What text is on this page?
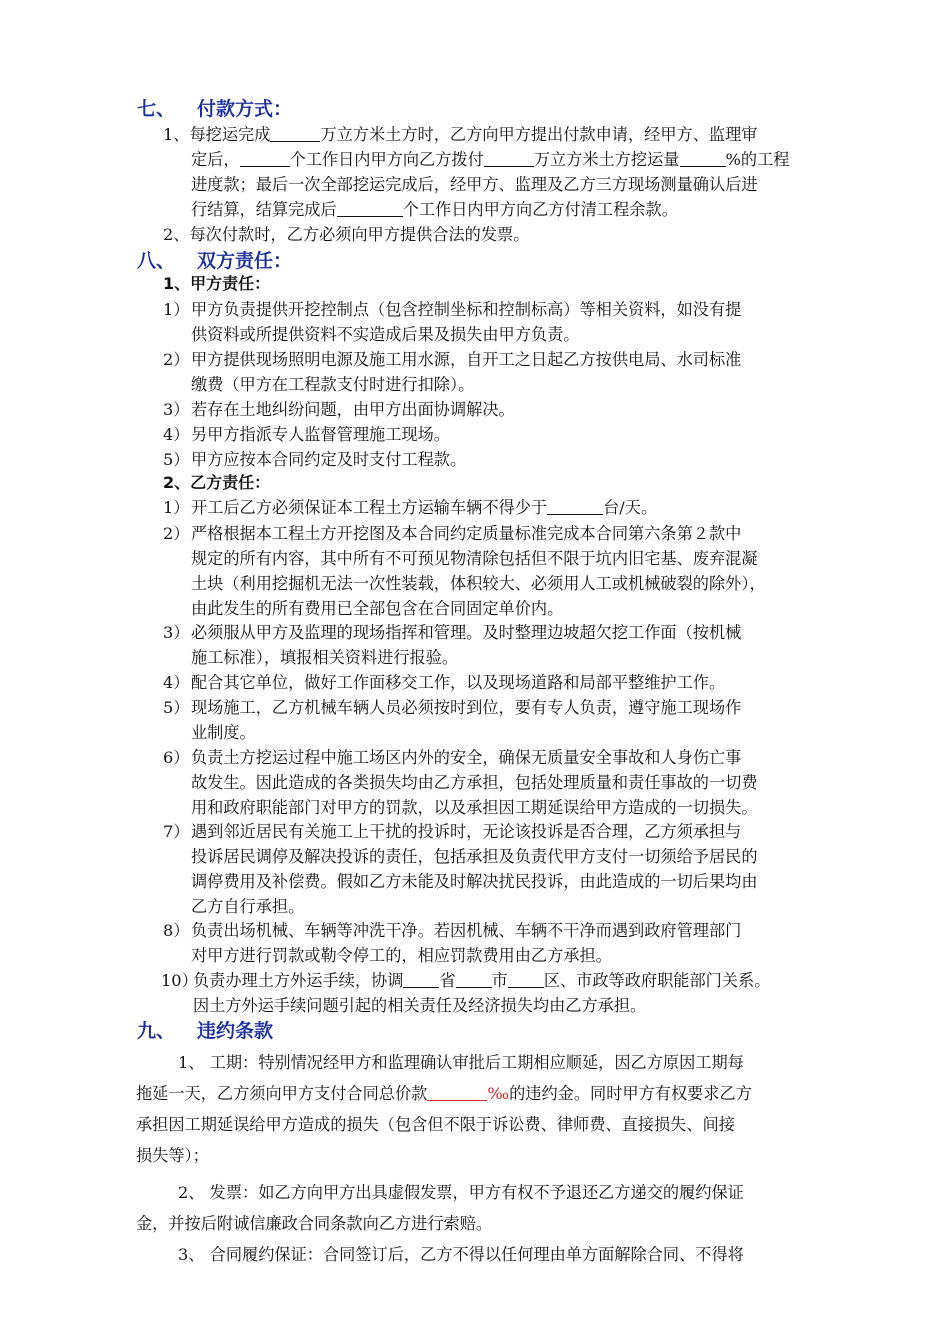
七、 付款方式：
1、每挖运完成	万立方米土方时，乙方向甲方提出付款申请，经甲方、监理审
定后，	个工作日内甲方向乙方拨付	万立方米土方挖运量	%的工程
进度款；最后一次全部挖运完成后，经甲方、监理及乙方三方现场测量确认后进
行结算，结算完成后	个工作日内甲方向乙方付清工程余款。
2、每次付款时，乙方必须向甲方提供合法的发票。
八、 双方责任：
1、甲方责任：
1）甲方负责提供开挖控制点（包含控制坐标和控制标高）等相关资料，如没有提
供资料或所提供资料不实造成后果及损失由甲方负责。
2）甲方提供现场照明电源及施工用水源，自开工之日起乙方按供电局、水司标准
缴费（甲方在工程款支付时进行扣除）。
3）若存在土地纠纷问题，由甲方出面协调解决。
4）另甲方指派专人监督管理施工现场。
5）甲方应按本合同约定及时支付工程款。
2、乙方责任：
1）开工后乙方必须保证本工程土方运输车辆不得少于	台/天。
2）严格根据本工程土方开挖图及本合同约定质量标准完成本合同第六条第２款中
规定的所有内容，其中所有不可预见物清除包括但不限于坑内旧宅基、废弃混凝
土块（利用挖掘机无法一次性装载，体积较大、必须用人工或机械破裂的除外），
由此发生的所有费用已全部包含在合同固定单价内。
3）必须服从甲方及监理的现场指挥和管理。及时整理边坡超欠挖工作面（按机械
施工标准），填报相关资料进行报验。
4）配合其它单位，做好工作面移交工作，以及现场道路和局部平整维护工作。
5）现场施工，乙方机械车辆人员必须按时到位，要有专人负责，遵守施工现场作
业制度。
6）负责土方挖运过程中施工场区内外的安全，确保无质量安全事故和人身伤亡事
故发生。因此造成的各类损失均由乙方承担，包括处理质量和责任事故的一切费
用和政府职能部门对甲方的罚款，以及承担因工期延误给甲方造成的一切损失。
7）遇到邻近居民有关施工上干扰的投诉时，无论该投诉是否合理，乙方须承担与
投诉居民调停及解决投诉的责任，包括承担及负责代甲方支付一切须给予居民的
调停费用及补偿费。假如乙方未能及时解决扰民投诉，由此造成的一切后果均由
乙方自行承担。
8）负责出场机械、车辆等冲洗干净。若因机械、车辆不干净而遇到政府管理部门
对甲方进行罚款或勒令停工的，相应罚款费用由乙方承担。
10）负责办理土方外运手续，协调 省 市 区、市政等政府职能部门关系。
因土方外运手续问题引起的相关责任及经济损失均由乙方承担。
九、 违约条款
1、 工期：特别情况经甲方和监理确认审批后工期相应顺延，因乙方原因工期每
拖延一天，乙方须向甲方支付合同总价款	‰的违约金。同时甲方有权要求乙方
承担因工期延误给甲方造成的损失（包含但不限于诉讼费、律师费、直接损失、间接
损失等）；
2、 发票：如乙方向甲方出具虚假发票，甲方有权不予退还乙方递交的履约保证
金，并按后附诚信廉政合同条款向乙方进行索赔。
3、 合同履约保证：合同签订后，乙方不得以任何理由单方面解除合同、不得将
